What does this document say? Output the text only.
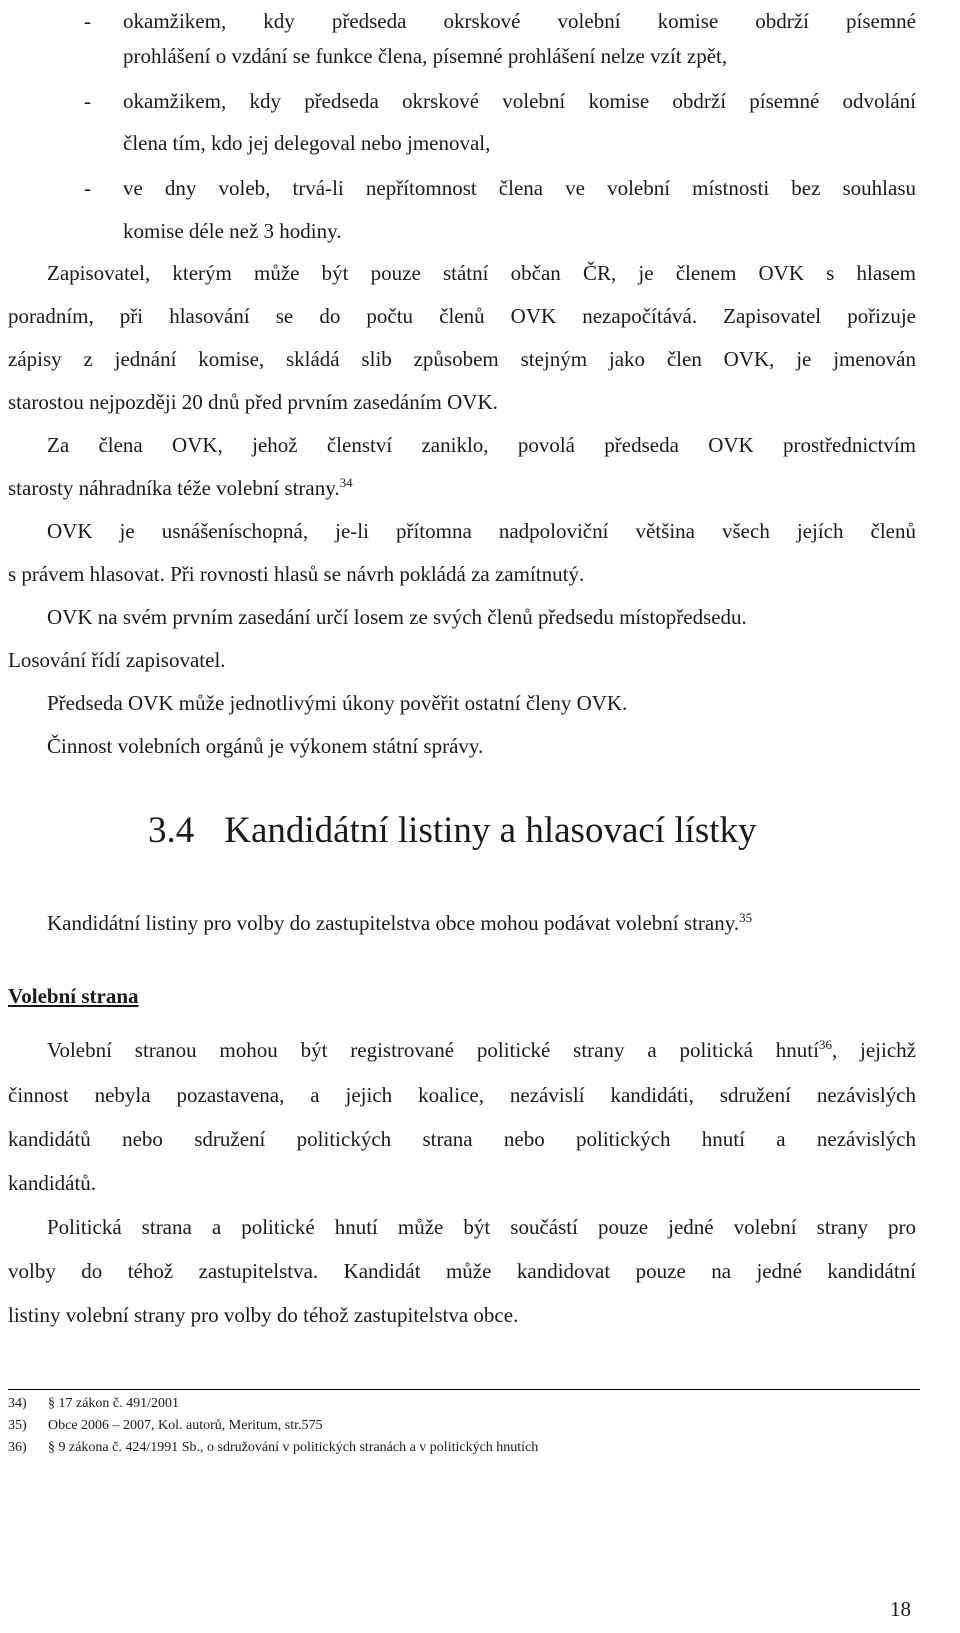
- okamžikem, kdy předseda okrskové volební komise obdrží písemné
prohlášení o vzdání se funkce člena, písemné prohlášení nelze vzít zpět,
- okamžikem, kdy předseda okrskové volební komise obdrží písemné odvolání
člena tím, kdo jej delegoval nebo jmenoval,
- ve dny voleb, trvá-li nepřítomnost člena ve volební místnosti bez souhlasu
komise déle než 3 hodiny.
Zapisovatel, kterým může být pouze státní občan ČR, je členem OVK s hlasem
poradním, při hlasování se do počtu členů OVK nezapočítává. Zapisovatel pořizuje
zápisy z jednání komise, skládá slib způsobem stejným jako člen OVK, je jmenován
starostou nejpozději 20 dnů před prvním zasedáním OVK.
Za člena OVK, jehož členství zaniklo, povolá předseda OVK prostřednictvím
starosty náhradníka téže volební strany.$^{34}$
OVK je usnášeníschopná, je-li přítomna nadpoloviční většina všech jejích členů
s právem hlasovat. Při rovnosti hlasů se návrh pokládá za zamítnutý.
OVK na svém prvním zasedání určí losem ze svých členů předsedu místopředsedu.
Losování řídí zapisovatel.
Předseda OVK může jednotlivými úkony pověřit ostatní členy OVK.
Činnost volebních orgánů je výkonem státní správy.
3.4 Kandidátní listiny a hlasovací lístky
Kandidátní listiny pro volby do zastupitelstva obce mohou podávat volební strany.$^{35}$
Volební strana
Volební stranou mohou být registrované politické strany a politická hnutí$^{36}$, jejichž
činnost nebyla pozastavena, a jejich koalice, nezávislí kandidáti, sdružení nezávislých
kandidátů nebo sdružení politických strana nebo politických hnutí a nezávislých
kandidátů.
Politická strana a politické hnutí může být součástí pouze jedné volební strany pro
volby do téhož zastupitelstva. Kandidát může kandidovat pouze na jedné kandidátní
listiny volební strany pro volby do téhož zastupitelstva obce.
34) § 17 zákon č. 491/2001
35) Obce 2006 – 2007, Kol. autorů, Meritum, str.575
36) § 9 zákona č. 424/1991 Sb., o sdružování v politických stranách a v politických hnutích
18
